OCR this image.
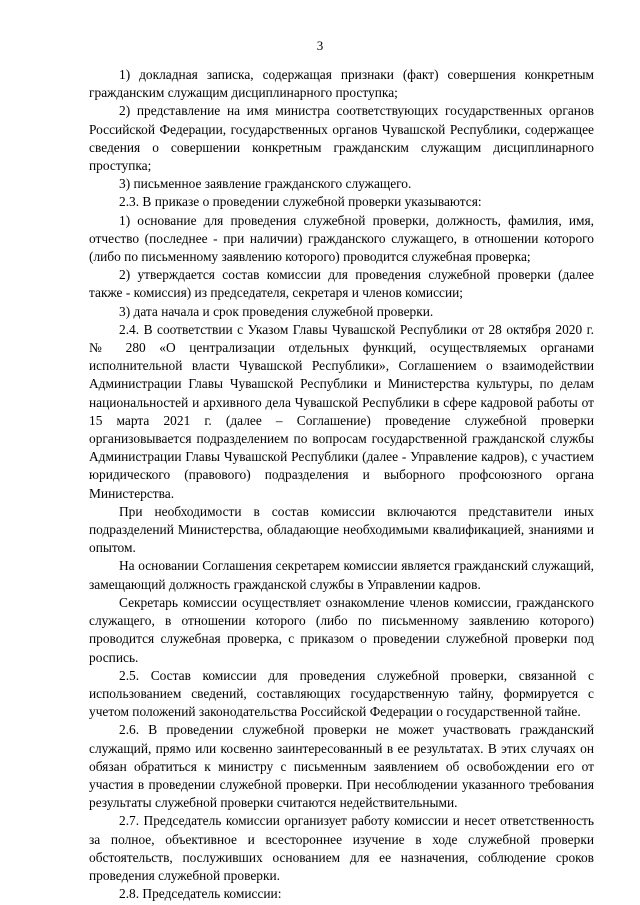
3

1) докладная записка, содержащая признаки (факт) совершения конкретным гражданским служащим дисциплинарного проступка;

2) представление на имя министра соответствующих государственных органов Российской Федерации, государственных органов Чувашской Республики, содержащее сведения о совершении конкретным гражданским служащим дисциплинарного проступка;

3) письменное заявление гражданского служащего.

2.3. В приказе о проведении служебной проверки указываются:

1) основание для проведения служебной проверки, должность, фамилия, имя, отчество (последнее - при наличии) гражданского служащего, в отношении которого (либо по письменному заявлению которого) проводится служебная проверка;

2) утверждается состав комиссии для проведения служебной проверки (далее также - комиссия) из председателя, секретаря и членов комиссии;

3) дата начала и срок проведения служебной проверки.

2.4. В соответствии с Указом Главы Чувашской Республики от 28 октября 2020 г. № 280 «О централизации отдельных функций, осуществляемых органами исполнительной власти Чувашской Республики», Соглашением о взаимодействии Администрации Главы Чувашской Республики и Министерства культуры, по делам национальностей и архивного дела Чувашской Республики в сфере кадровой работы от 15 марта 2021 г. (далее – Соглашение) проведение служебной проверки организовывается подразделением по вопросам государственной гражданской службы Администрации Главы Чувашской Республики (далее - Управление кадров), с участием юридического (правового) подразделения и выборного профсоюзного органа Министерства.

При необходимости в состав комиссии включаются представители иных подразделений Министерства, обладающие необходимыми квалификацией, знаниями и опытом.

На основании Соглашения секретарем комиссии является гражданский служащий, замещающий должность гражданской службы в Управлении кадров.

Секретарь комиссии осуществляет ознакомление членов комиссии, гражданского служащего, в отношении которого (либо по письменному заявлению которого) проводится служебная проверка, с приказом о проведении служебной проверки под роспись.

2.5. Состав комиссии для проведения служебной проверки, связанной с использованием сведений, составляющих государственную тайну, формируется с учетом положений законодательства Российской Федерации о государственной тайне.

2.6. В проведении служебной проверки не может участвовать гражданский служащий, прямо или косвенно заинтересованный в ее результатах. В этих случаях он обязан обратиться к министру с письменным заявлением об освобождении его от участия в проведении служебной проверки. При несоблюдении указанного требования результаты служебной проверки считаются недействительными.

2.7. Председатель комиссии организует работу комиссии и несет ответственность за полное, объективное и всестороннее изучение в ходе служебной проверки обстоятельств, послуживших основанием для ее назначения, соблюдение сроков проведения служебной проверки.

2.8. Председатель комиссии:
